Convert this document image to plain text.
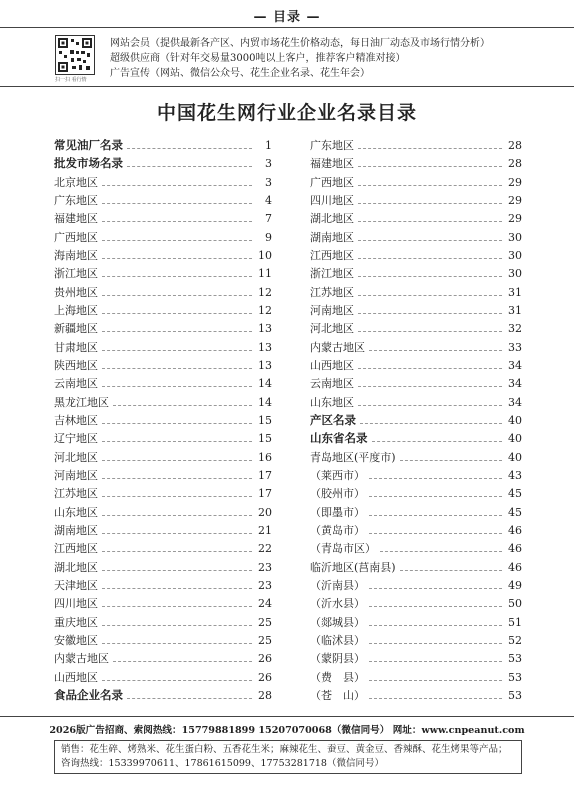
— 目录 —
扫一扫 看行情
网站会员（提供最新各产区、内贸市场花生价格动态，每日油厂动态及市场行情分析）
超级供应商（针对年交易量3000吨以上客户，推荐客户精准对接）
广告宣传（网站、微信公众号、花生企业名录、花生年会）
中国花生网行业企业名录目录
常见油厂名录	1
批发市场名录	3
北京地区	3
广东地区	4
福建地区	7
广西地区	9
海南地区	10
浙江地区	11
贵州地区	12
上海地区	12
新疆地区	13
甘肃地区	13
陕西地区	13
云南地区	14
黑龙江地区	14
吉林地区	15
辽宁地区	15
河北地区	16
河南地区	17
江苏地区	17
山东地区	20
湖南地区	21
江西地区	22
湖北地区	23
天津地区	23
四川地区	24
重庆地区	25
安徽地区	25
内蒙古地区	26
山西地区	26
食品企业名录	28
广东地区	28
福建地区	28
广西地区	29
四川地区	29
湖北地区	29
湖南地区	30
江西地区	30
浙江地区	30
江苏地区	31
河南地区	31
河北地区	32
内蒙古地区	33
山西地区	34
云南地区	34
山东地区	34
产区名录	40
山东省名录	40
青岛地区(平度市)	40
（莱西市）	43
（胶州市）	45
（即墨市）	45
（黄岛市）	46
（青岛市区）	46
临沂地区(莒南县)	46
（沂南县）	49
（沂水县）	50
（郯城县）	51
（临沭县）	52
（蒙阴县）	53
（费　县）	53
（苍　山）	53
2026版广告招商、索阅热线：15779881899 15207070068（微信同号） 网址：www.cnpeanut.com
销售：花生碎、烤熟米、花生蛋白粉、五香花生米；麻辣花生、蚕豆、黄金豆、香辣酥、花生烤果等产品；
咨询热线：15339970611、17861615099、17753281718（微信同号）
